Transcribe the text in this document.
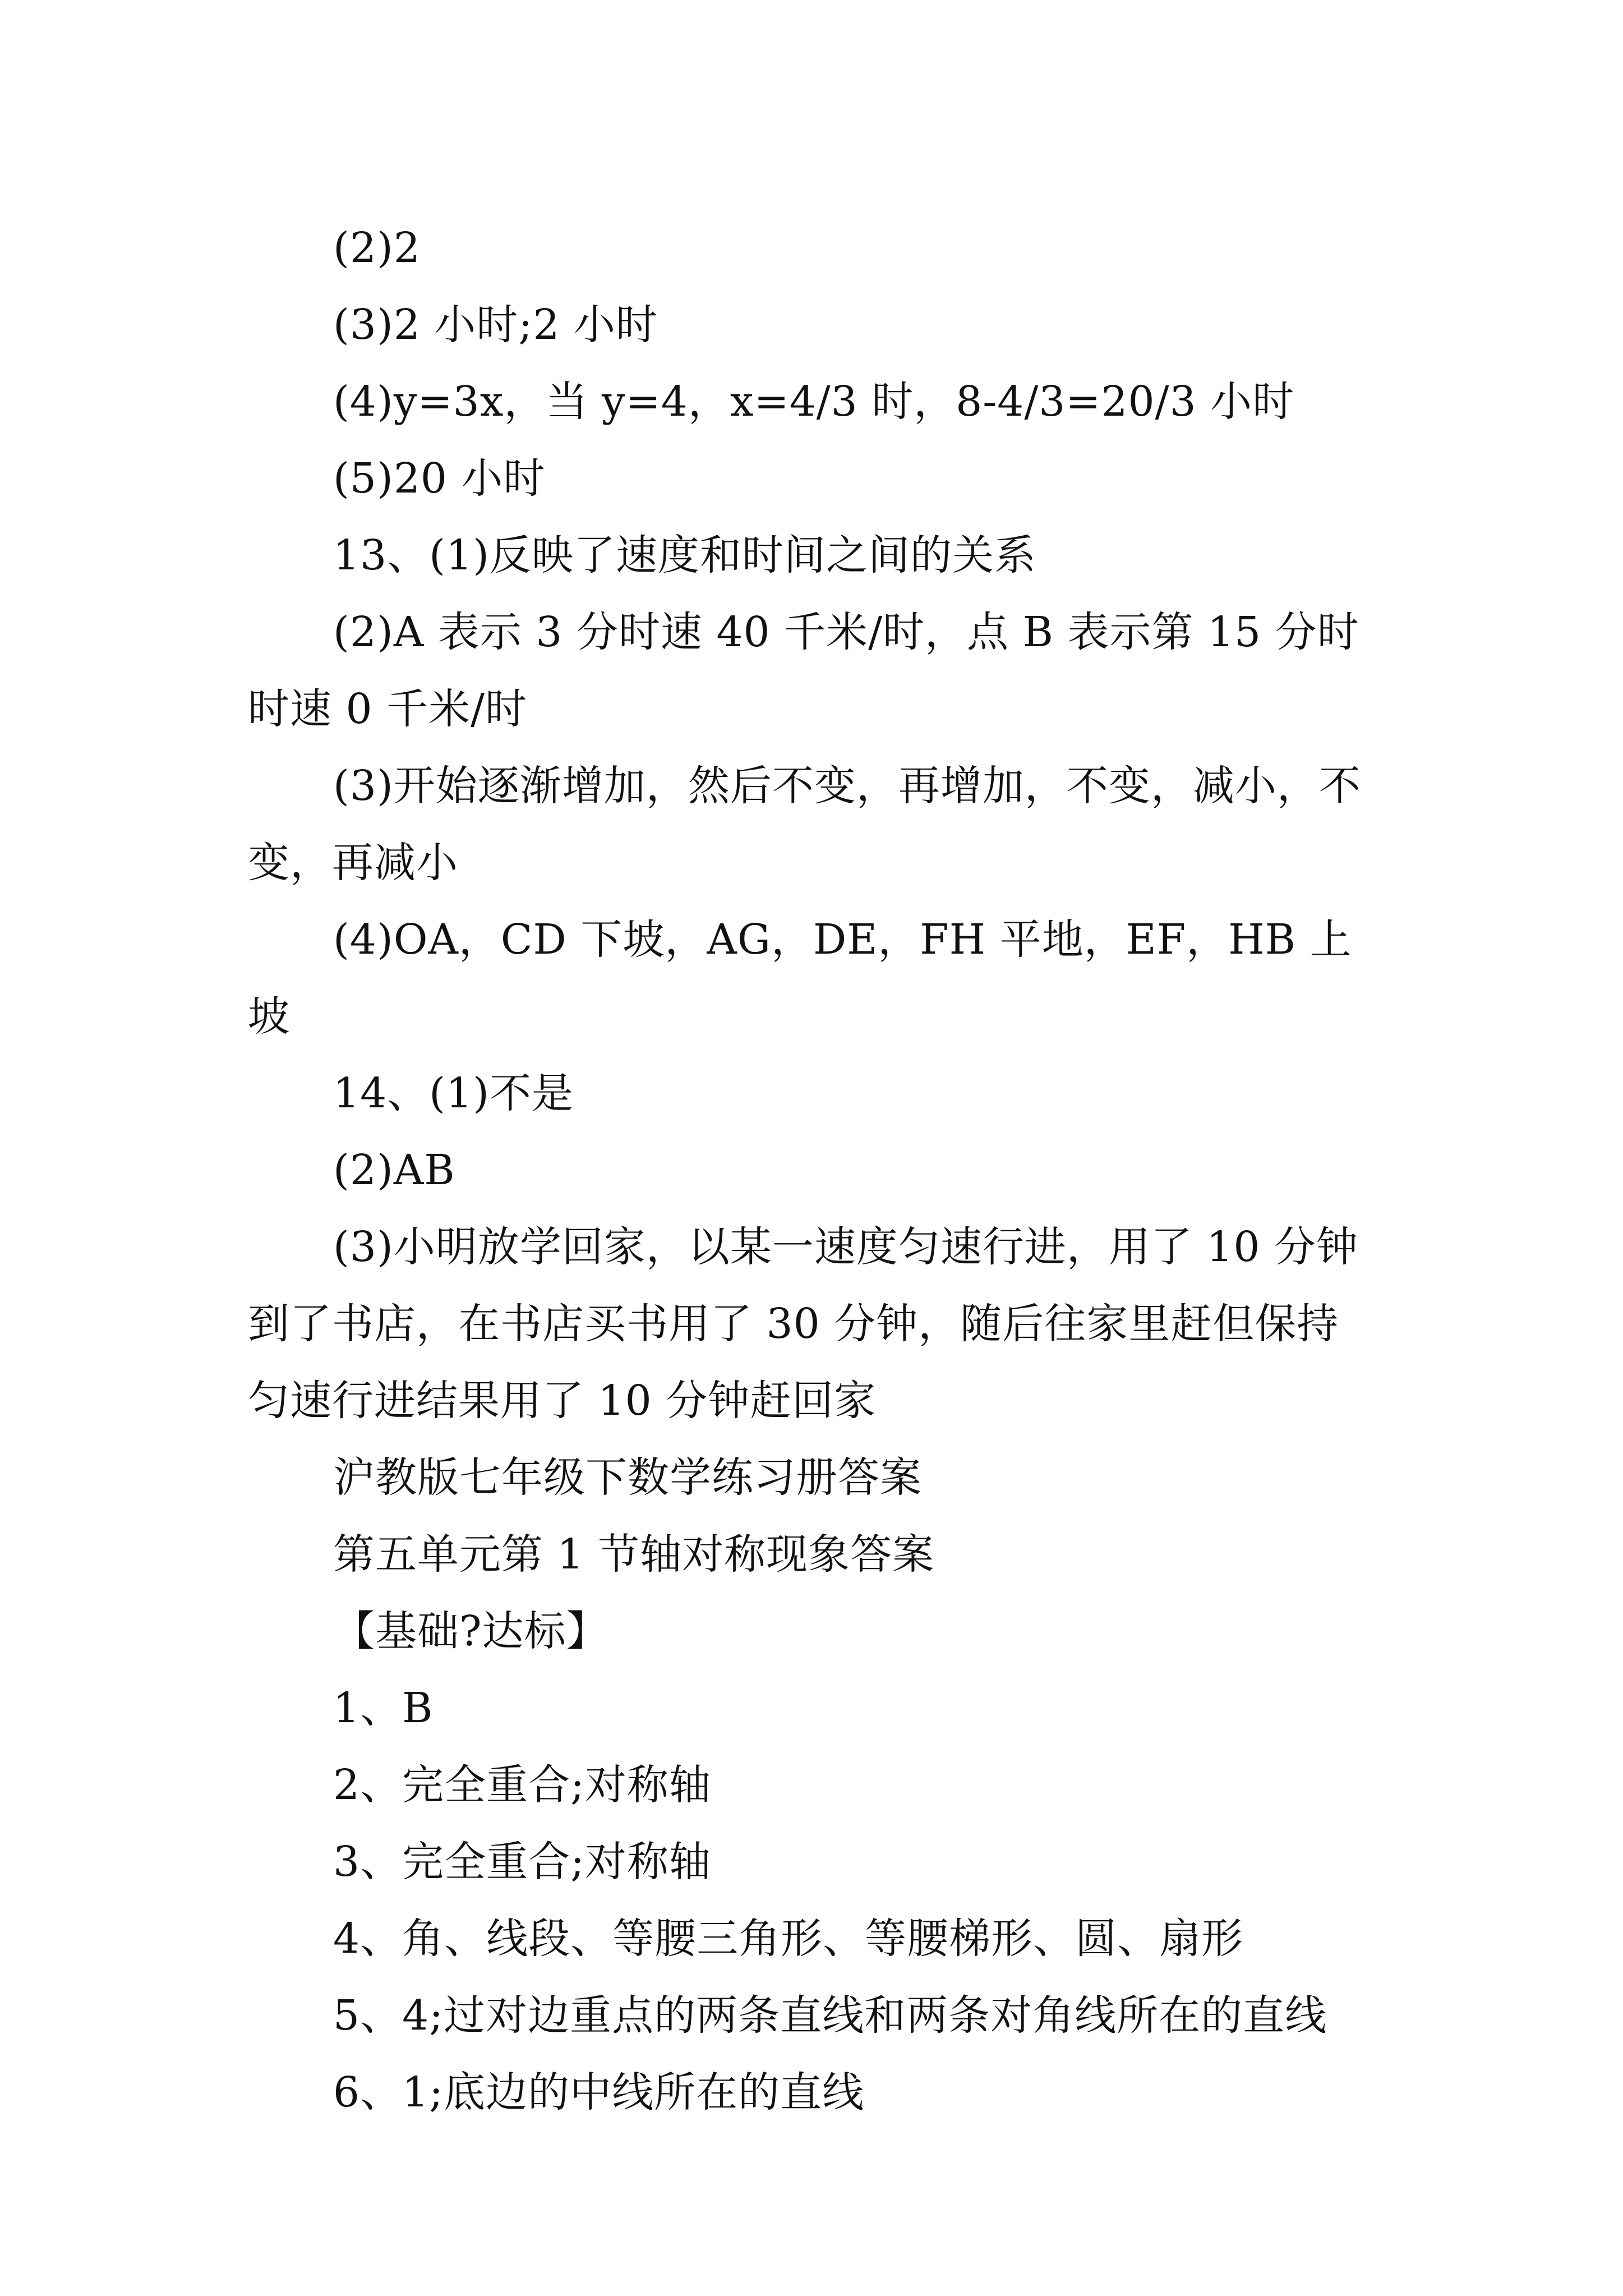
(2)2

(3)2 小时;2 小时

(4)y=3x，当 y=4，x=4/3 时，8-4/3=20/3 小时

(5)20 小时

13、(1)反映了速度和时间之间的关系

(2)A 表示 3 分时速 40 千米/时，点 B 表示第 15 分时时速 0 千米/时

(3)开始逐渐增加，然后不变，再增加，不变，减小，不变，再减小

(4)OA，CD 下坡，AG，DE，FH 平地，EF，HB 上坡

14、(1)不是

(2)AB

(3)小明放学回家，以某一速度匀速行进，用了 10 分钟到了书店，在书店买书用了 30 分钟，随后往家里赶但保持匀速行进结果用了 10 分钟赶回家

沪教版七年级下数学练习册答案

第五单元第 1 节轴对称现象答案

【基础?达标】

1、B

2、完全重合;对称轴

3、完全重合;对称轴

4、角、线段、等腰三角形、等腰梯形、圆、扇形

5、4;过对边重点的两条直线和两条对角线所在的直线

6、1;底边的中线所在的直线
